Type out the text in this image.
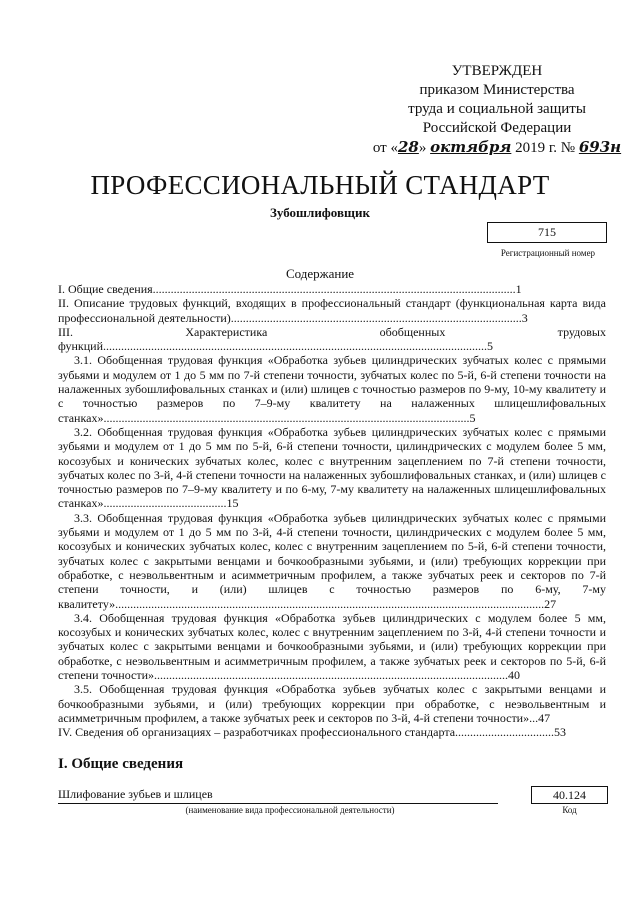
УТВЕРЖДЕН
приказом Министерства
труда и социальной защиты
Российской Федерации
от «28» октября 2019 г. № 693н
ПРОФЕССИОНАЛЬНЫЙ СТАНДАРТ
Зубошлифовщик
715
Регистрационный номер
Содержание

I. Общие сведения.........................................................................................................................1

II. Описание трудовых функций, входящих в профессиональный стандарт (функциональная карта вида профессиональной деятельности).................................................................................................3

III. Характеристика обобщенных трудовых функций................................................................................................................................5

3.1. Обобщенная трудовая функция «Обработка зубьев цилиндрических зубчатых колес с прямыми зубьями и модулем от 1 до 5 мм по 7-й степени точности, зубчатых колес по 5-й, 6-й степени точности на налаженных зубошлифовальных станках и (или) шлицев с точностью размеров по 9-му, 10-му квалитету и с точностью размеров по 7–9-му квалитету на налаженных шлицешлифовальных станках»..........................................................................................................................5

3.2. Обобщенная трудовая функция «Обработка зубьев цилиндрических зубчатых колес с прямыми зубьями и модулем от 1 до 5 мм по 5-й, 6-й степени точности, цилиндрических с модулем более 5 мм, косозубых и конических зубчатых колес, колес с внутренним зацеплением по 7-й степени точности, зубчатых колес по 3-й, 4-й степени точности на налаженных зубошлифовальных станках, и (или) шлицев с точностью размеров по 7–9-му квалитету и по 6-му, 7-му квалитету на налаженных шлицешлифовальных станках».........................................15

3.3. Обобщенная трудовая функция «Обработка зубьев цилиндрических зубчатых колес с прямыми зубьями и модулем от 1 до 5 мм по 3-й, 4-й степени точности, цилиндрических с модулем более 5 мм, косозубых и конических зубчатых колес, колес с внутренним зацеплением по 5-й, 6-й степени точности, зубчатых колес с закрытыми венцами и бочкообразными зубьями, и (или) требующих коррекции при обработке, с неэвольвентным и асимметричным профилем, а также зубчатых реек и секторов по 7-й степени точности, и (или) шлицев с точностью размеров по 6-му, 7-му квалитету»...............................................................................................................................................27

3.4. Обобщенная трудовая функция «Обработка зубьев цилиндрических с модулем более 5 мм, косозубых и конических зубчатых колес, колес с внутренним зацеплением по 3-й, 4-й степени точности и зубчатых колес с закрытыми венцами и бочкообразными зубьями, и (или) требующих коррекции при обработке, с неэвольвентным и асимметричным профилем, а также зубчатых реек и секторов по 5-й, 6-й степени точности»......................................................................................................................40

3.5. Обобщенная трудовая функция «Обработка зубьев зубчатых колес с закрытыми венцами и бочкообразными зубьями, и (или) требующих коррекции при обработке, с неэвольвентным и асимметричным профилем, а также зубчатых реек и секторов по 3-й, 4-й степени точности»...47

IV. Сведения об организациях – разработчиках профессионального стандарта.................................53

I. Общие сведения
Шлифование зубьев и шлицев
(наименование вида профессиональной деятельности)
40.124
Код
